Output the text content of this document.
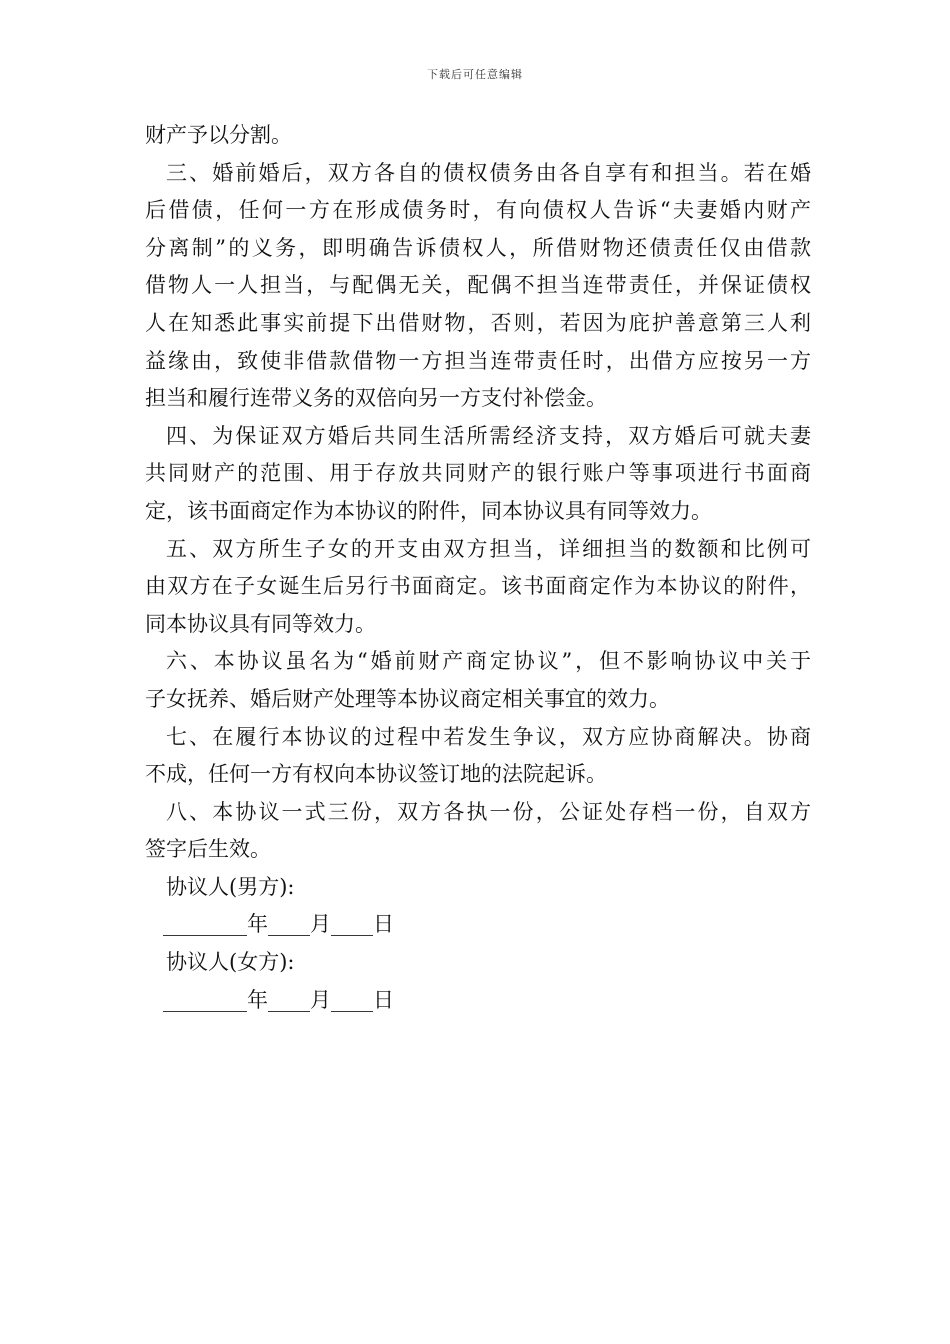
下载后可任意编辑
财产予以分割。
三、婚前婚后，双方各自的债权债务由各自享有和担当。若在婚
后借债，任何一方在形成债务时，有向债权人告诉“夫妻婚内财产
分离制”的义务，即明确告诉债权人，所借财物还债责任仅由借款
借物人一人担当，与配偶无关，配偶不担当连带责任，并保证债权
人在知悉此事实前提下出借财物，否则，若因为庇护善意第三人利
益缘由，致使非借款借物一方担当连带责任时，出借方应按另一方
担当和履行连带义务的双倍向另一方支付补偿金。
四、为保证双方婚后共同生活所需经济支持，双方婚后可就夫妻
共同财产的范围、用于存放共同财产的银行账户等事项进行书面商
定，该书面商定作为本协议的附件，同本协议具有同等效力。
五、双方所生子女的开支由双方担当，详细担当的数额和比例可
由双方在子女诞生后另行书面商定。该书面商定作为本协议的附件，
同本协议具有同等效力。
六、本协议虽名为“婚前财产商定协议”，但不影响协议中关于
子女抚养、婚后财产处理等本协议商定相关事宜的效力。
七、在履行本协议的过程中若发生争议，双方应协商解决。协商
不成，任何一方有权向本协议签订地的法院起诉。
八、本协议一式三份，双方各执一份，公证处存档一份，自双方
签字后生效。
协议人(男方):
________年____月____日
协议人(女方):
________年____月____日
